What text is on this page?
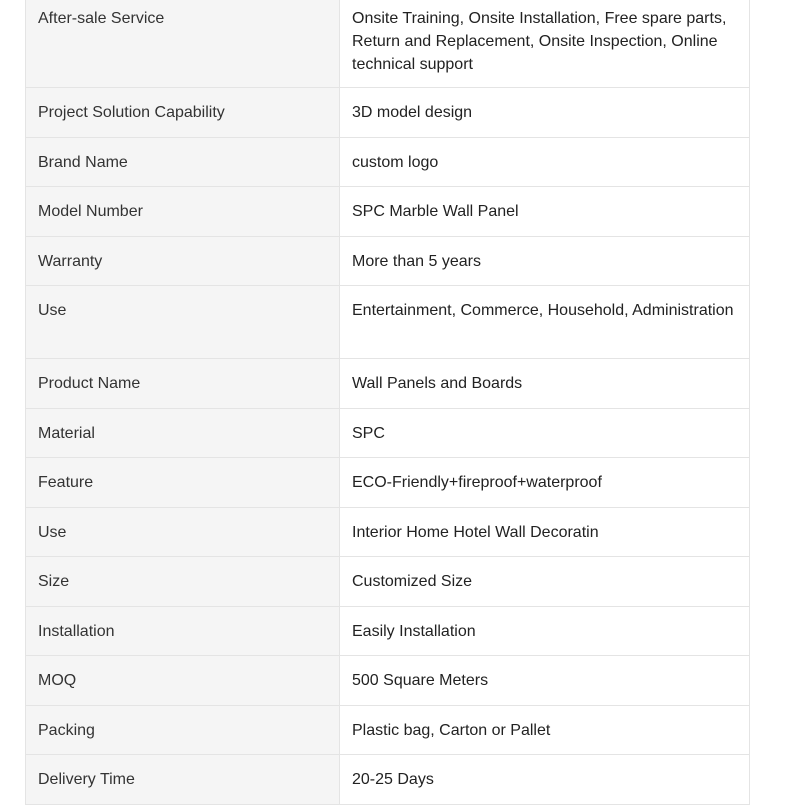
After-sale Service	Onsite Training, Onsite Installation, Free spare parts, Return and Replacement, Onsite Inspection, Online technical support
Project Solution Capability	3D model design
Brand Name	custom logo
Model Number	SPC Marble Wall Panel
Warranty	More than 5 years
Use	Entertainment, Commerce, Household, Administration
Product Name	Wall Panels and Boards
Material	SPC
Feature	ECO-Friendly+fireproof+waterproof
Use	Interior Home Hotel Wall Decoratin
Size	Customized Size
Installation	Easily Installation
MOQ	500 Square Meters
Packing	Plastic bag, Carton or Pallet
Delivery Time	20-25 Days
